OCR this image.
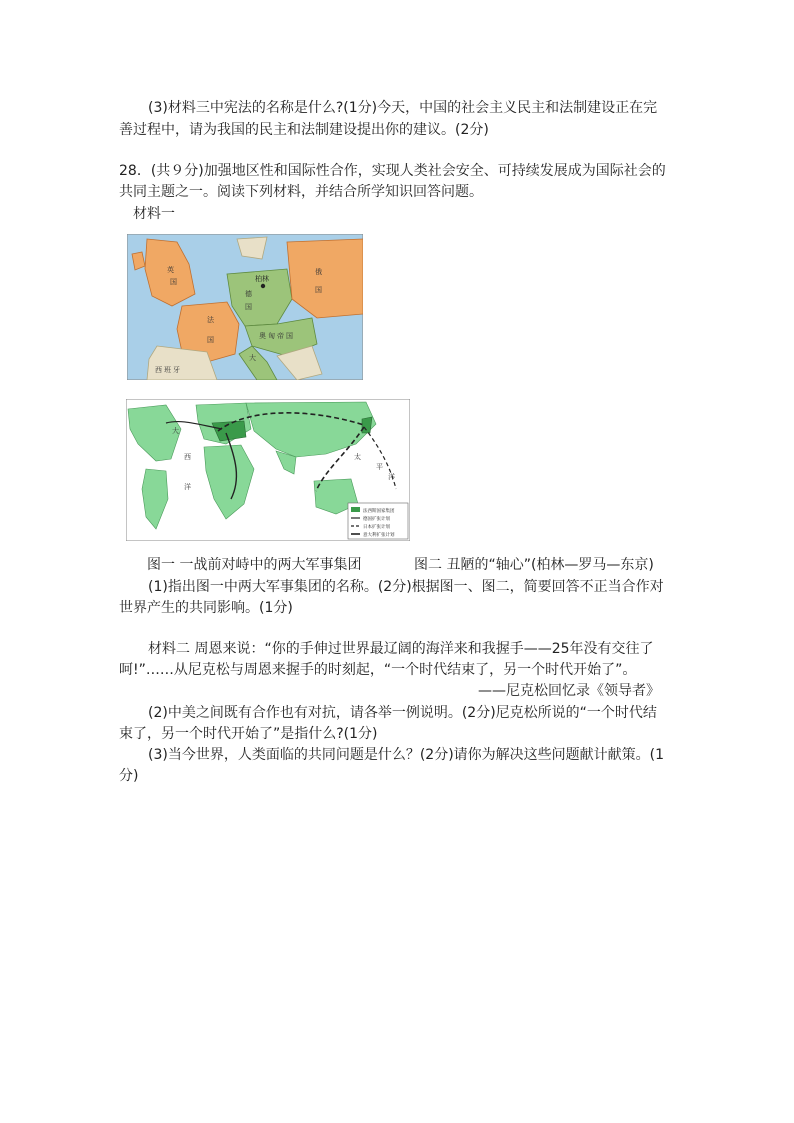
(3)材料三中宪法的名称是什么?(1分)今天，中国的社会主义民主和法制建设正在完
善过程中，请为我国的民主和法制建设提出你的建议。(2分)
28．(共９分)加强地区性和国际性合作，实现人类社会安全、可持续发展成为国际社会的
共同主题之一。阅读下列材料，并结合所学知识回答问题。
材料一
英
国
法
国
柏林
德
国
俄
国
奥匈帝国
西班牙
大
大
西
洋
太
平
洋
法西斯国家集团
德国扩张计划
日本扩张计划
意大利扩张计划
图一 一战前对峙中的两大军事集团	图二 丑陋的“轴心”(柏林—罗马—东京)
(1)指出图一中两大军事集团的名称。(2分)根据图一、图二，简要回答不正当合作对
世界产生的共同影响。(1分)
材料二 周恩来说：“你的手伸过世界最辽阔的海洋来和我握手——25年没有交往了
呵!”……从尼克松与周恩来握手的时刻起，“一个时代结束了，另一个时代开始了”。
——尼克松回忆录《领导者》
(2)中美之间既有合作也有对抗，请各举一例说明。(2分)尼克松所说的“一个时代结
束了，另一个时代开始了”是指什么?(1分)
(3)当今世界，人类面临的共同问题是什么？(2分)请你为解决这些问题献计献策。(1
分)
